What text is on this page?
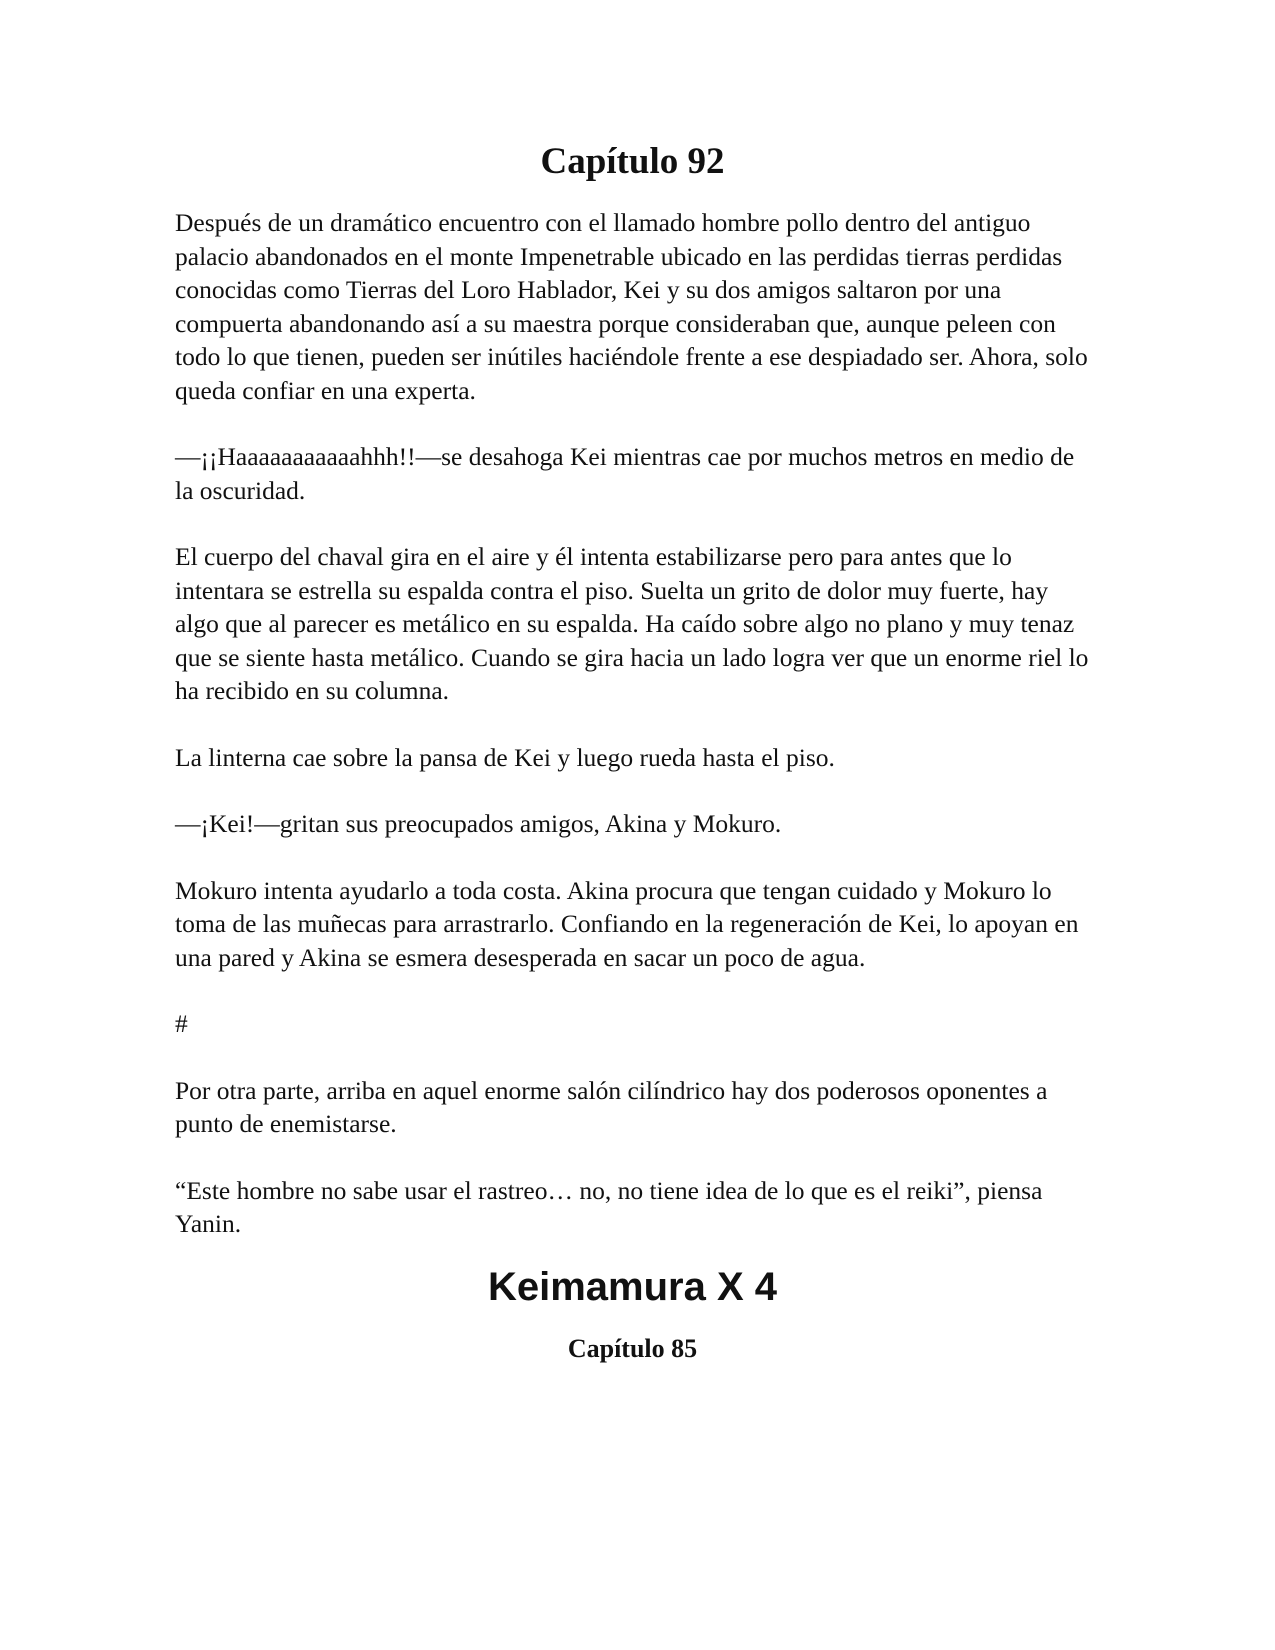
Capítulo 92

Después de un dramático encuentro con el llamado hombre pollo dentro del antiguo palacio abandonados en el monte Impenetrable ubicado en las perdidas tierras perdidas conocidas como Tierras del Loro Hablador, Kei y su dos amigos saltaron por una compuerta abandonando así a su maestra porque consideraban que, aunque peleen con todo lo que tienen, pueden ser inútiles haciéndole frente a ese despiadado ser. Ahora, solo queda confiar en una experta.

—¡¡Haaaaaaaaaaahhh!!—se desahoga Kei mientras cae por muchos metros en medio de la oscuridad.

El cuerpo del chaval gira en el aire y él intenta estabilizarse pero para antes que lo intentara se estrella su espalda contra el piso. Suelta un grito de dolor muy fuerte, hay algo que al parecer es metálico en su espalda. Ha caído sobre algo no plano y muy tenaz que se siente hasta metálico. Cuando se gira hacia un lado logra ver que un enorme riel lo ha recibido en su columna.

La linterna cae sobre la pansa de Kei y luego rueda hasta el piso.

—¡Kei!—gritan sus preocupados amigos, Akina y Mokuro.

Mokuro intenta ayudarlo a toda costa. Akina procura que tengan cuidado y Mokuro lo toma de las muñecas para arrastrarlo. Confiando en la regeneración de Kei, lo apoyan en una pared y Akina se esmera desesperada en sacar un poco de agua.

#

Por otra parte, arriba en aquel enorme salón cilíndrico hay dos poderosos oponentes a punto de enemistarse.

“Este hombre no sabe usar el rastreo… no, no tiene idea de lo que es el reiki”, piensa Yanin.

Keimamura X 4
Capítulo 85
